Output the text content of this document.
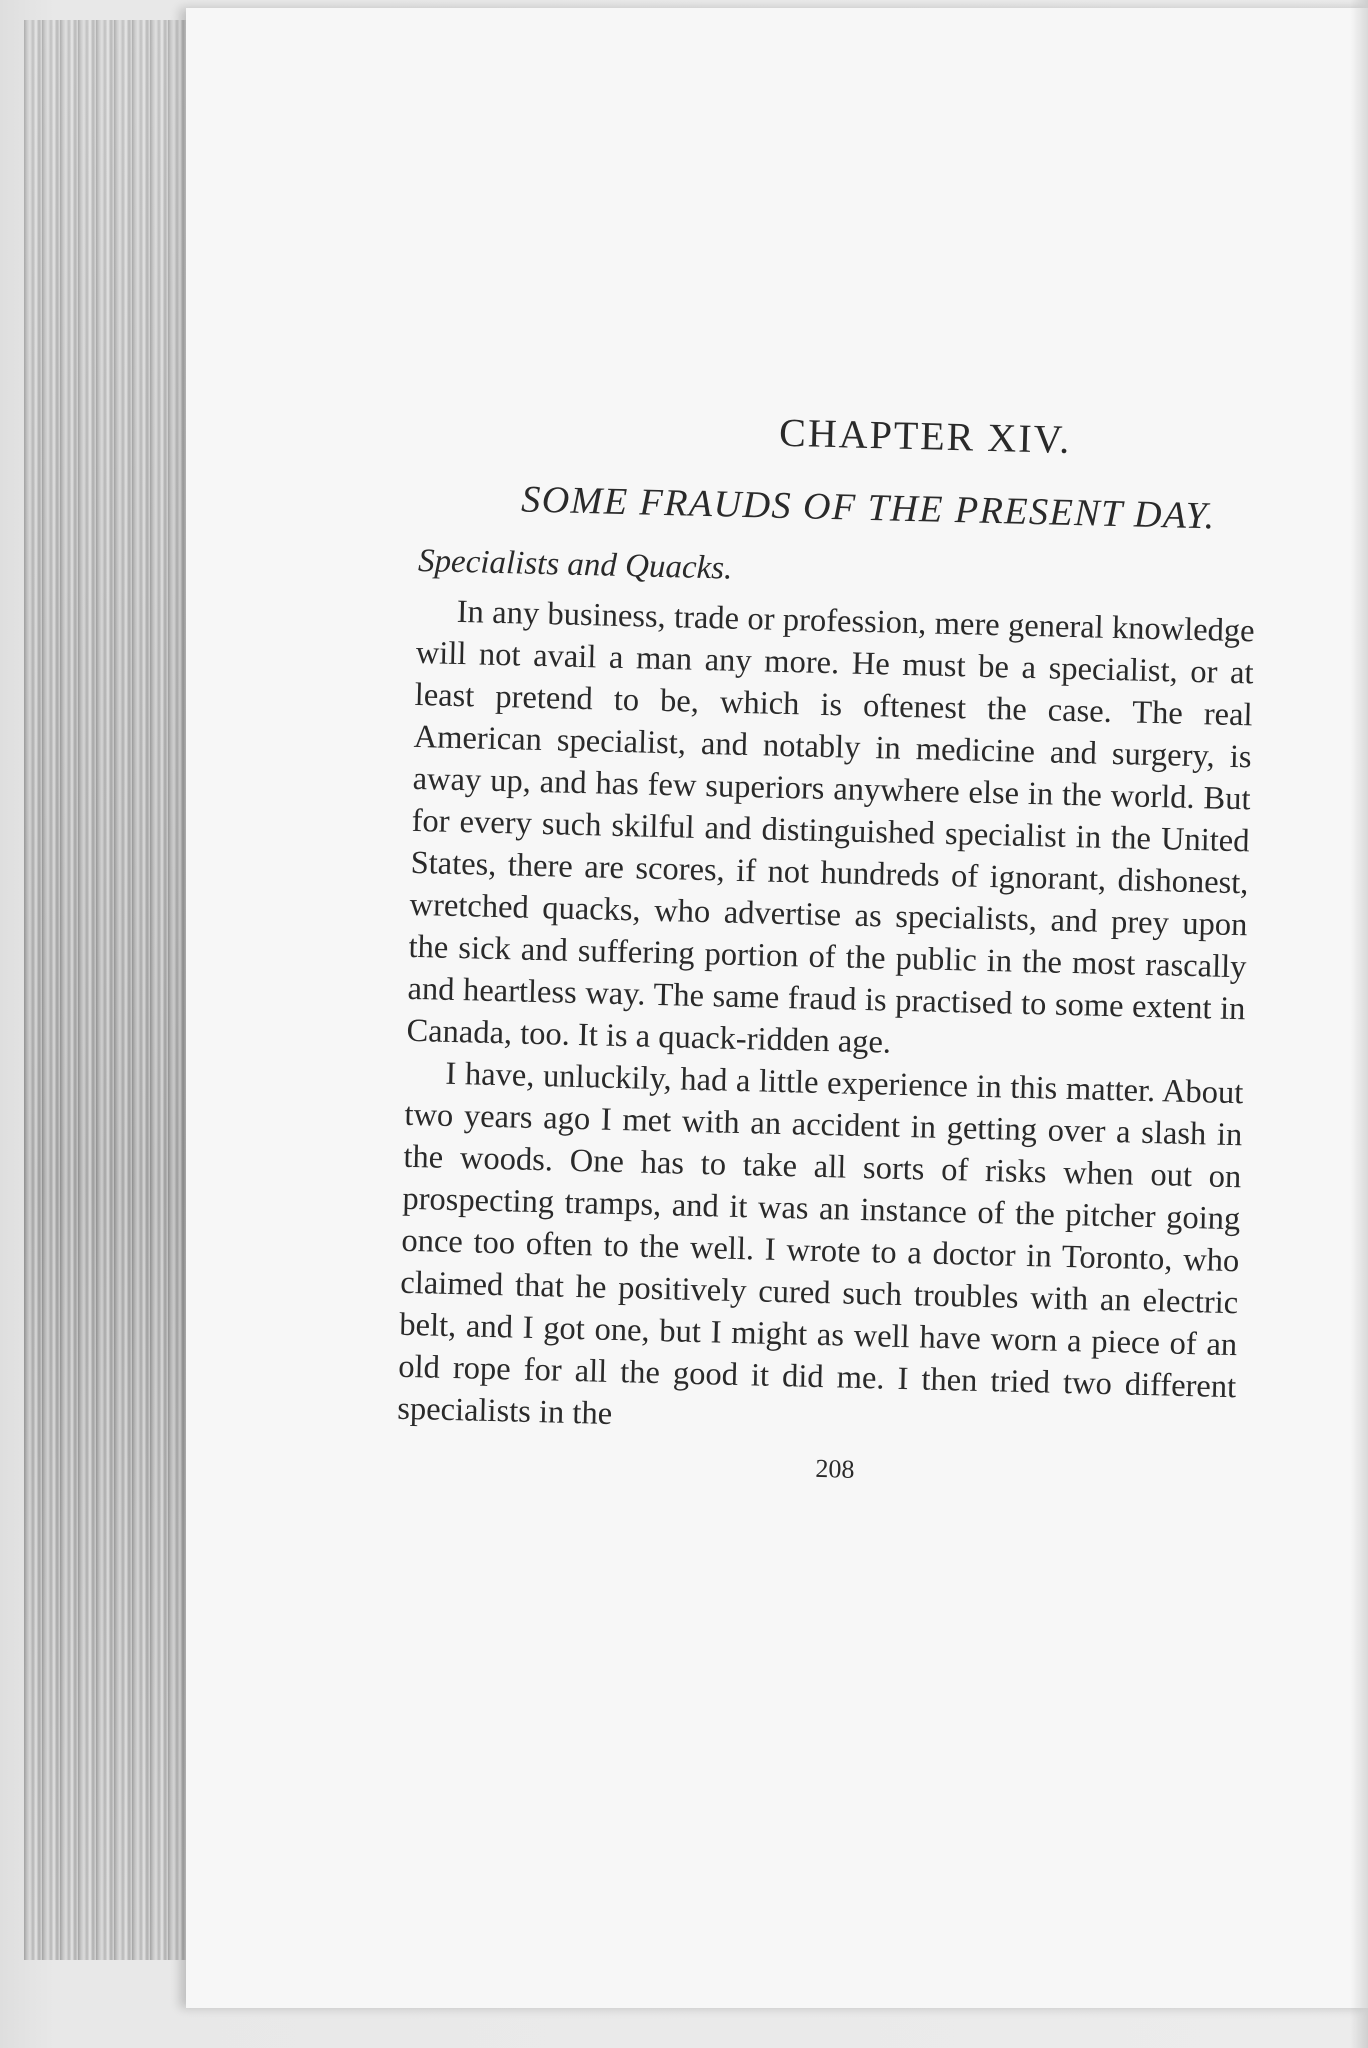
CHAPTER XIV.
SOME FRAUDS OF THE PRESENT DAY.
Specialists and Quacks.

In any business, trade or profession, mere general knowledge will not avail a man any more. He must be a specialist, or at least pretend to be, which is oftenest the case. The real American specialist, and notably in medicine and surgery, is away up, and has few superiors anywhere else in the world. But for every such skilful and distinguished specialist in the United States, there are scores, if not hundreds of ignorant, dishonest, wretched quacks, who advertise as specialists, and prey upon the sick and suffering portion of the public in the most rascally and heartless way. The same fraud is practised to some extent in Canada, too. It is a quack-ridden age.

I have, unluckily, had a little experience in this matter. About two years ago I met with an accident in getting over a slash in the woods. One has to take all sorts of risks when out on prospecting tramps, and it was an instance of the pitcher going once too often to the well. I wrote to a doctor in Toronto, who claimed that he positively cured such troubles with an electric belt, and I got one, but I might as well have worn a piece of an old rope for all the good it did me. I then tried two different specialists in the

208
